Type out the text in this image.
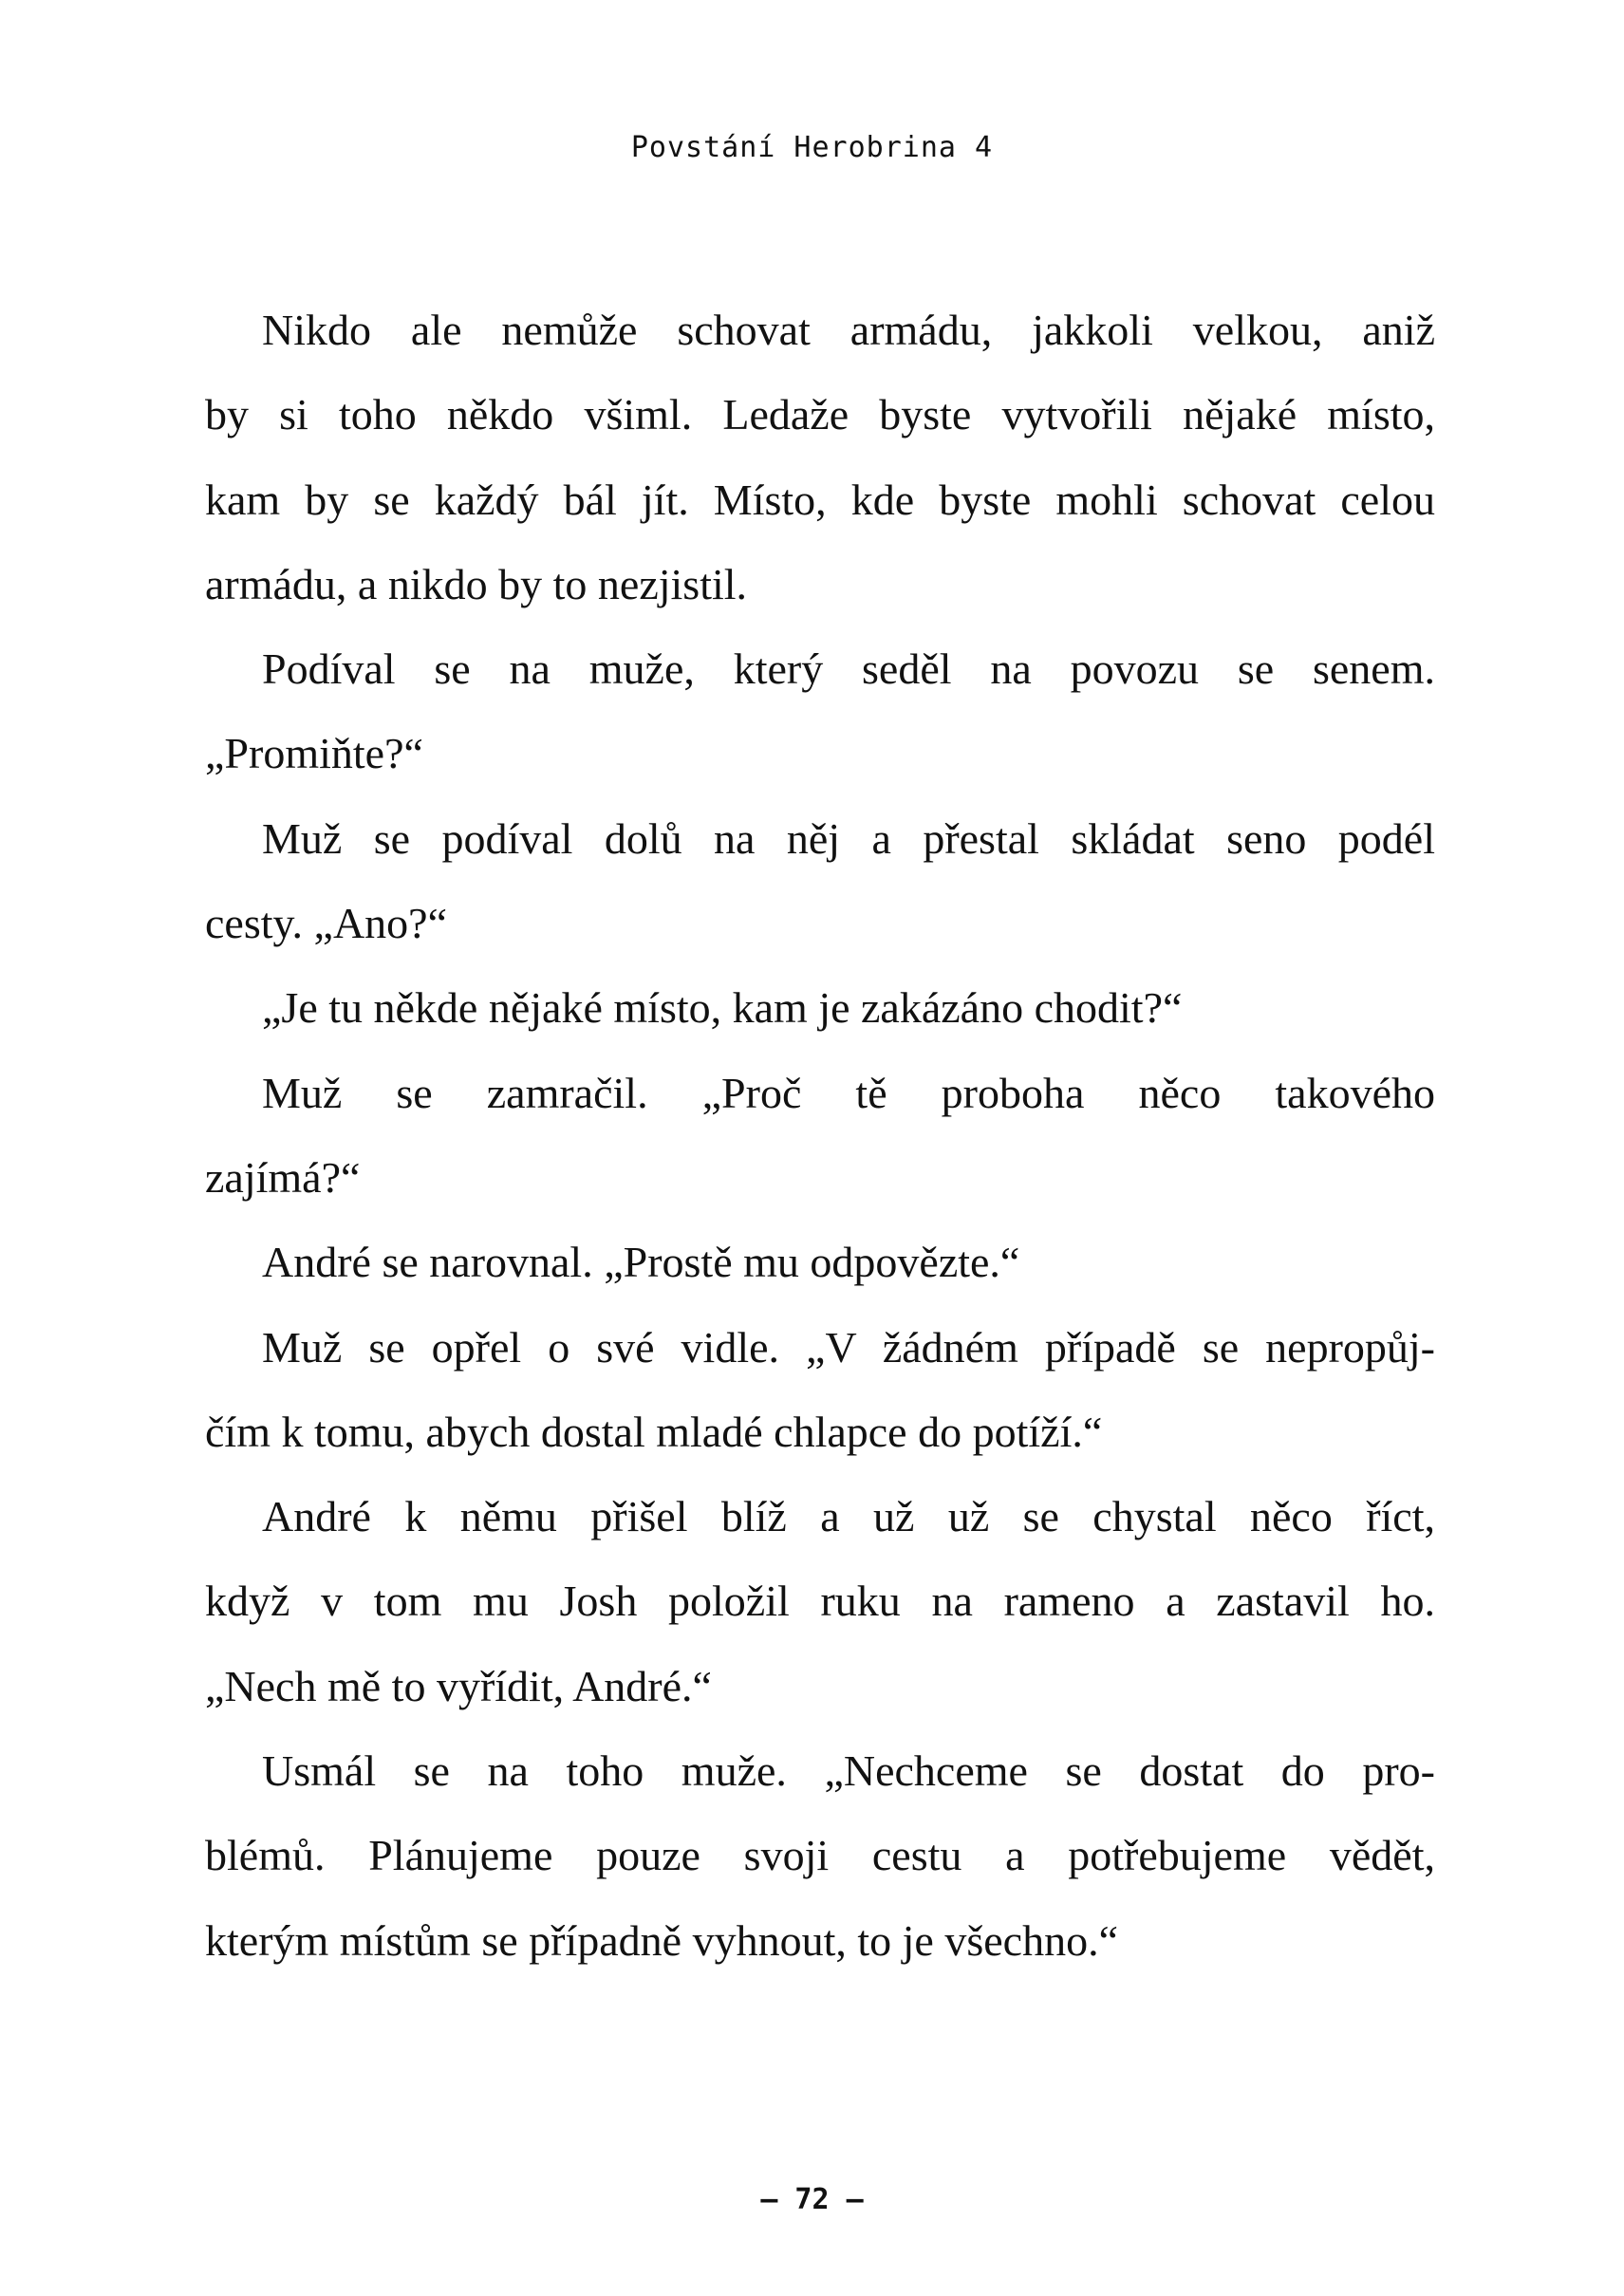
Povstání Herobrina 4
Nikdo ale nemůže schovat armádu, jakkoli velkou, aniž
by si toho někdo všiml. Ledaže byste vytvořili nějaké místo,
kam by se každý bál jít. Místo, kde byste mohli schovat celou
armádu, a nikdo by to nezjistil.
Podíval se na muže, který seděl na povozu se senem.
„Promiňte?“
Muž se podíval dolů na něj a přestal skládat seno podél
cesty. „Ano?“
„Je tu někde nějaké místo, kam je zakázáno chodit?“
Muž se zamračil. „Proč tě proboha něco takového
zajímá?“
André se narovnal. „Prostě mu odpovězte.“
Muž se opřel o své vidle. „V žádném případě se nepropůj-
čím k tomu, abych dostal mladé chlapce do potíží.“
André k němu přišel blíž a už už se chystal něco říct,
když v tom mu Josh položil ruku na rameno a zastavil ho.
„Nech mě to vyřídit, André.“
Usmál se na toho muže. „Nechceme se dostat do pro-
blémů. Plánujeme pouze svoji cestu a potřebujeme vědět,
kterým místům se případně vyhnout, to je všechno.“
– 72 –
